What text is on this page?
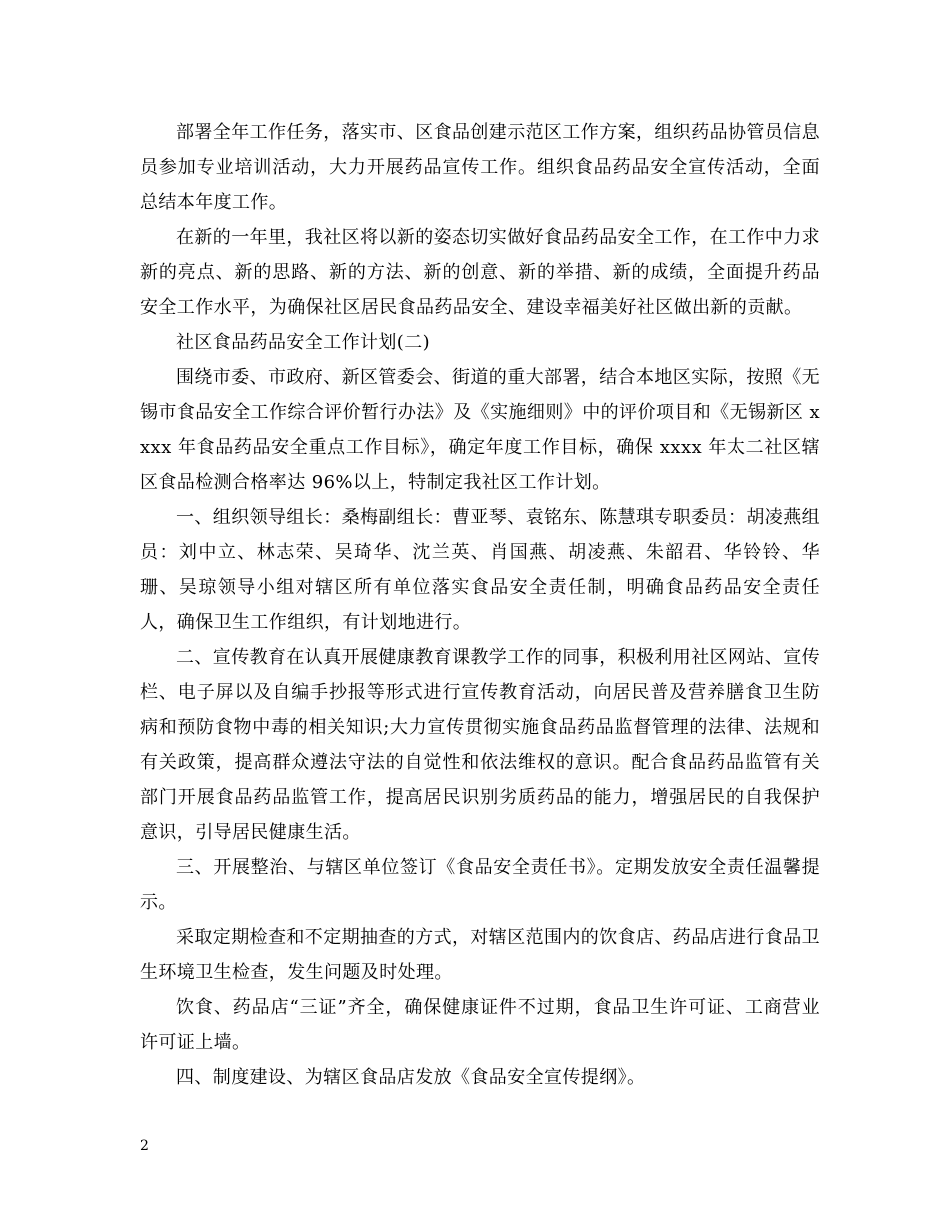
部署全年工作任务，落实市、区食品创建示范区工作方案，组织药品协管员信息员参加专业培训活动，大力开展药品宣传工作。组织食品药品安全宣传活动，全面总结本年度工作。

在新的一年里，我社区将以新的姿态切实做好食品药品安全工作，在工作中力求新的亮点、新的思路、新的方法、新的创意、新的举措、新的成绩，全面提升药品安全工作水平，为确保社区居民食品药品安全、建设幸福美好社区做出新的贡献。

社区食品药品安全工作计划(二)

围绕市委、市政府、新区管委会、街道的重大部署，结合本地区实际，按照《无锡市食品安全工作综合评价暂行办法》及《实施细则》中的评价项目和《无锡新区 xxxx 年食品药品安全重点工作目标》，确定年度工作目标，确保 xxxx 年太二社区辖区食品检测合格率达 96%以上，特制定我社区工作计划。

一、组织领导组长：桑梅副组长：曹亚琴、袁铭东、陈慧琪专职委员：胡凌燕组员：刘中立、林志荣、吴琦华、沈兰英、肖国燕、胡凌燕、朱韶君、华铃铃、华珊、吴琼领导小组对辖区所有单位落实食品安全责任制，明确食品药品安全责任人，确保卫生工作组织，有计划地进行。

二、宣传教育在认真开展健康教育课教学工作的同事，积极利用社区网站、宣传栏、电子屏以及自编手抄报等形式进行宣传教育活动，向居民普及营养膳食卫生防病和预防食物中毒的相关知识;大力宣传贯彻实施食品药品监督管理的法律、法规和有关政策，提高群众遵法守法的自觉性和依法维权的意识。配合食品药品监管有关部门开展食品药品监管工作，提高居民识别劣质药品的能力，增强居民的自我保护意识，引导居民健康生活。

三、开展整治、与辖区单位签订《食品安全责任书》。定期发放安全责任温馨提示。

采取定期检查和不定期抽查的方式，对辖区范围内的饮食店、药品店进行食品卫生环境卫生检查，发生问题及时处理。

饮食、药品店“三证”齐全，确保健康证件不过期，食品卫生许可证、工商营业许可证上墙。

四、制度建设、为辖区食品店发放《食品安全宣传提纲》。

2
